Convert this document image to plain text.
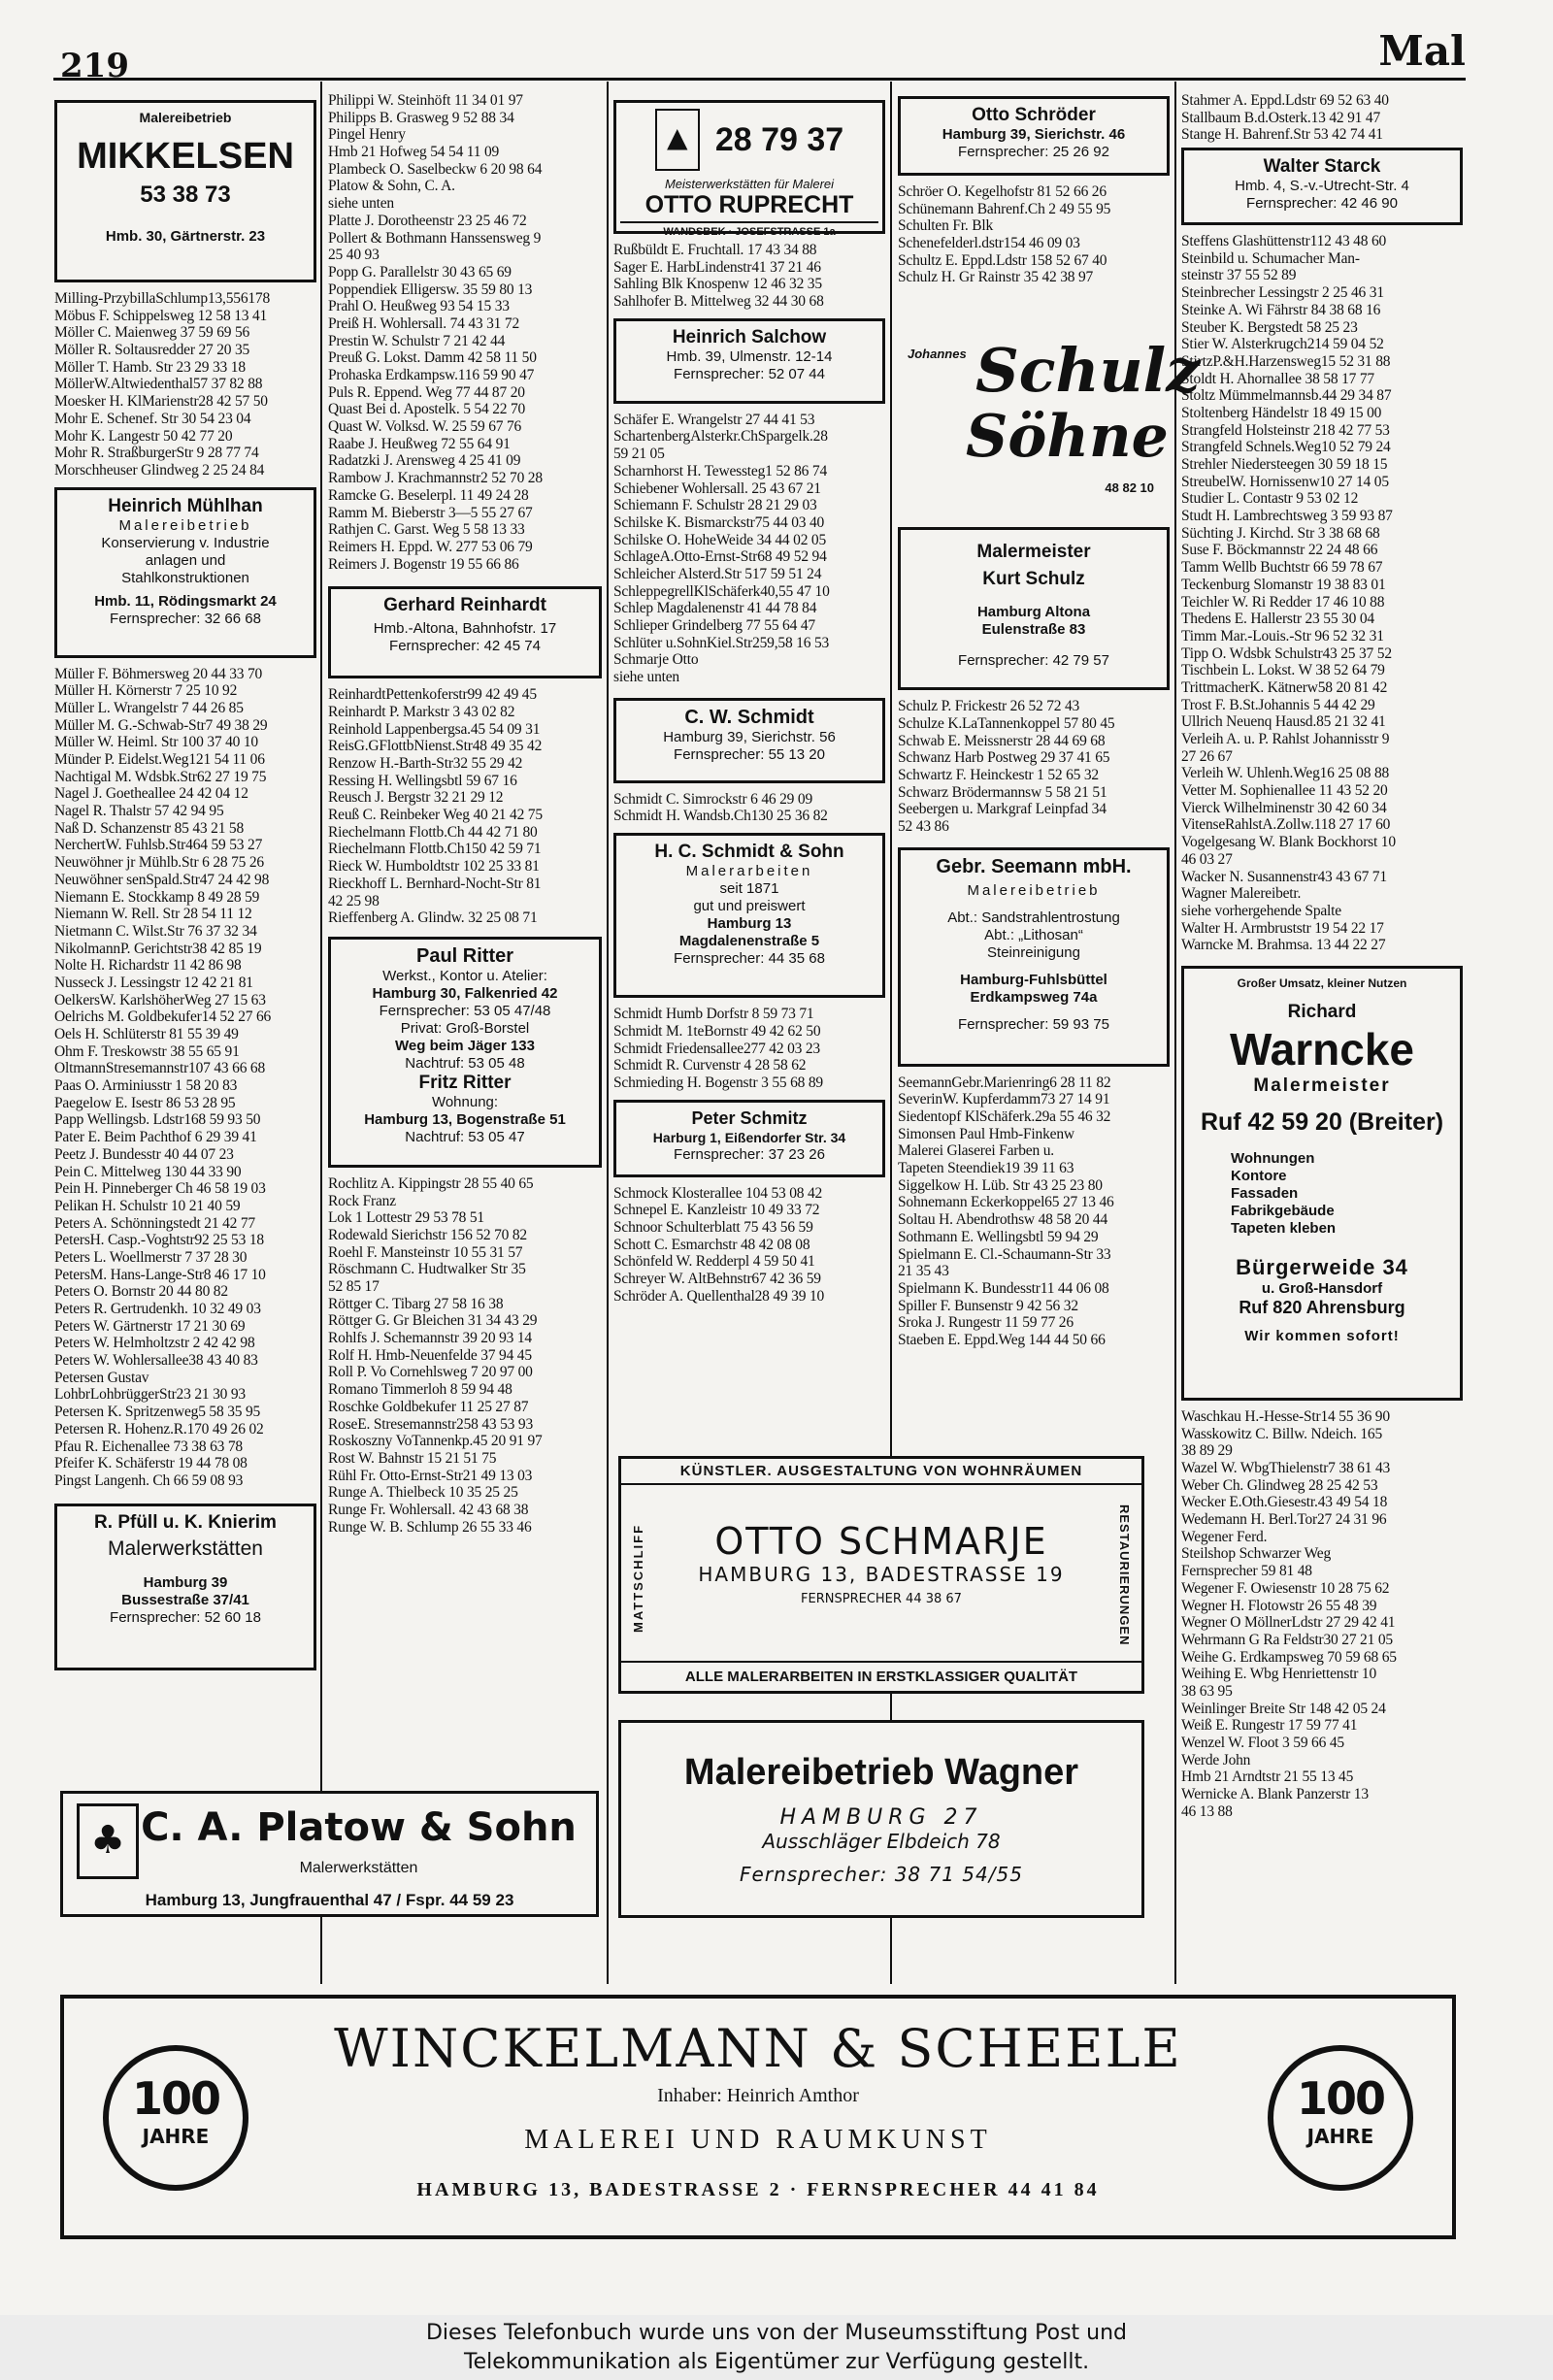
219	Mal
Malereibetrieb
MIKKELSEN
53 38 73
Hmb. 30, Gärtnerstr. 23
Milling-PrzybillaSchlump13,556178
Möbus F. Schippelsweg 12 58 13 41
Möller C. Maienweg 37 59 69 56
Möller R. Soltausredder 27 20 35
Möller T. Hamb. Str 23 29 33 18
MöllerW.Altwiedenthal57 37 82 88
Moesker H. KlMarienstr28 42 57 50
Mohr E. Schenef. Str 30 54 23 04
Mohr K. Langestr 50 42 77 20
Mohr R. StraßburgerStr 9 28 77 74
Morschheuser Glindweg 2 25 24 84
Heinrich Mühlhan
Malereibetrieb
Konservierung v. Industrie
anlagen und
Stahlkonstruktionen
Hmb. 11, Rödingsmarkt 24
Fernsprecher: 32 66 68
Müller F. Böhmersweg 20 44 33 70
Müller H. Körnerstr 7 25 10 92
Müller L. Wrangelstr 7 44 26 85
Müller M. G.-Schwab-Str7 49 38 29
Müller W. Heiml. Str 100 37 40 10
Münder P. Eidelst.Weg121 54 11 06
Nachtigal M. Wdsbk.Str62 27 19 75
Nagel J. Goetheallee 24 42 04 12
Nagel R. Thalstr 57 42 94 95
Naß D. Schanzenstr 85 43 21 58
NerchertW. Fuhlsb.Str464 59 53 27
Neuwöhner jr Mühlb.Str 6 28 75 26
Neuwöhner senSpald.Str47 24 42 98
Niemann E. Stockkamp 8 49 28 59
Niemann W. Rell. Str 28 54 11 12
Nietmann C. Wilst.Str 76 37 32 34
NikolmannP. Gerichtstr38 42 85 19
Nolte H. Richardstr 11 42 86 98
Nusseck J. Lessingstr 12 42 21 81
OelkersW. KarlshöherWeg 27 15 63
Oelrichs M. Goldbekufer14 52 27 66
Oels H. Schlüterstr 81 55 39 49
Ohm F. Treskowstr 38 55 65 91
OltmannStresemannstr107 43 66 68
Paas O. Arminiusstr 1 58 20 83
Paegelow E. Isestr 86 53 28 95
Papp Wellingsb. Ldstr168 59 93 50
Pater E. Beim Pachthof 6 29 39 41
Peetz J. Bundesstr 40 44 07 23
Pein C. Mittelweg 130 44 33 90
Pein H. Pinneberger Ch 46 58 19 03
Pelikan H. Schulstr 10 21 40 59
Peters A. Schönningstedt 21 42 77
PetersH. Casp.-Voghtstr92 25 53 18
Peters L. Woellmerstr 7 37 28 30
PetersM. Hans-Lange-Str8 46 17 10
Peters O. Bornstr 20 44 80 82
Peters R. Gertrudenkh. 10 32 49 03
Peters W. Gärtnerstr 17 21 30 69
Peters W. Helmholtzstr 2 42 42 98
Peters W. Wohlersallee38 43 40 83
Petersen Gustav
LohbrLohbrüggerStr23 21 30 93
Petersen K. Spritzenweg5 58 35 95
Petersen R. Hohenz.R.170 49 26 02
Pfau R. Eichenallee 73 38 63 78
Pfeifer K. Schäferstr 19 44 78 08
Pingst Langenh. Ch 66 59 08 93
R. Pfüll u. K. Knierim
Malerwerkstätten
Hamburg 39
Bussestraße 37/41
Fernsprecher: 52 60 18
Philippi W. Steinhöft 11 34 01 97
Philipps B. Grasweg 9 52 88 34
Pingel Henry
Hmb 21 Hofweg 54 54 11 09
Plambeck O. Saselbeckw 6 20 98 64
Platow & Sohn, C. A.
siehe unten
Platte J. Dorotheenstr 23 25 46 72
Pollert & Bothmann Hanssensweg 9
25 40 93
Popp G. Parallelstr 30 43 65 69
Poppendiek Elligersw. 35 59 80 13
Prahl O. Heußweg 93 54 15 33
Preiß H. Wohlersall. 74 43 31 72
Prestin W. Schulstr 7 21 42 44
Preuß G. Lokst. Damm 42 58 11 50
Prohaska Erdkampsw.116 59 90 47
Puls R. Eppend. Weg 77 44 87 20
Quast Bei d. Apostelk. 5 54 22 70
Quast W. Volksd. W. 25 59 67 76
Raabe J. Heußweg 72 55 64 91
Radatzki J. Arensweg 4 25 41 09
Rambow J. Krachmannstr2 52 70 28
Ramcke G. Beselerpl. 11 49 24 28
Ramm M. Bieberstr 3—5 55 27 67
Rathjen C. Garst. Weg 5 58 13 33
Reimers H. Eppd. W. 277 53 06 79
Reimers J. Bogenstr 19 55 66 86
Gerhard Reinhardt
Hmb.-Altona, Bahnhofstr. 17
Fernsprecher: 42 45 74
ReinhardtPettenkoferstr99 42 49 45
Reinhardt P. Markstr 3 43 02 82
Reinhold Lappenbergsa.45 54 09 31
ReisG.GFlottbNienst.Str48 49 35 42
Renzow H.-Barth-Str32 55 29 42
Ressing H. Wellingsbtl 59 67 16
Reusch J. Bergstr 32 21 29 12
Reuß C. Reinbeker Weg 40 21 42 75
Riechelmann Flottb.Ch 44 42 71 80
Riechelmann Flottb.Ch150 42 59 71
Rieck W. Humboldtstr 102 25 33 81
Rieckhoff L. Bernhard-Nocht-Str 81
42 25 98
Rieffenberg A. Glindw. 32 25 08 71
Paul Ritter
Werkst., Kontor u. Atelier:
Hamburg 30, Falkenried 42
Fernsprecher: 53 05 47/48
Privat: Groß-Borstel
Weg beim Jäger 133
Nachtruf: 53 05 48
Fritz Ritter
Wohnung:
Hamburg 13, Bogenstraße 51
Nachtruf: 53 05 47
Rochlitz A. Kippingstr 28 55 40 65
Rock Franz
Lok 1 Lottestr 29 53 78 51
Rodewald Sierichstr 156 52 70 82
Roehl F. Mansteinstr 10 55 31 57
Röschmann C. Hudtwalker Str 35
52 85 17
Röttger C. Tibarg 27 58 16 38
Röttger G. Gr Bleichen 31 34 43 29
Rohlfs J. Schemannstr 39 20 93 14
Rolf H. Hmb-Neuenfelde 37 94 45
Roll P. Vo Cornehlsweg 7 20 97 00
Romano Timmerloh 8 59 94 48
Roschke Goldbekufer 11 25 27 87
RoseE. Stresemannstr258 43 53 93
Roskoszny VoTannenkp.45 20 91 97
Rost W. Bahnstr 15 21 51 75
Rühl Fr. Otto-Ernst-Str21 49 13 03
Runge A. Thielbeck 10 35 25 25
Runge Fr. Wohlersall. 42 43 68 38
Runge W. B. Schlump 26 55 33 46
▲ 28 79 37
Meisterwerkstätten für Malerei
OTTO RUPRECHT
WANDSBEK · JOSEFSTRASSE 1a
Rußbüldt E. Fruchtall. 17 43 34 88
Sager E. HarbLindenstr41 37 21 46
Sahling Blk Knospenw 12 46 32 35
Sahlhofer B. Mittelweg 32 44 30 68
Heinrich Salchow
Hmb. 39, Ulmenstr. 12-14
Fernsprecher: 52 07 44
Schäfer E. Wrangelstr 27 44 41 53
SchartenbergAlsterkr.ChSpargelk.28
59 21 05
Scharnhorst H. Tewessteg1 52 86 74
Schiebener Wohlersall. 25 43 67 21
Schiemann F. Schulstr 28 21 29 03
Schilske K. Bismarckstr75 44 03 40
Schilske O. HoheWeide 34 44 02 05
SchlageA.Otto-Ernst-Str68 49 52 94
Schleicher Alsterd.Str 517 59 51 24
SchleppegrellKlSchäferk40,55 47 10
Schlep Magdalenenstr 41 44 78 84
Schlieper Grindelberg 77 55 64 47
Schlüter u.SohnKiel.Str259,58 16 53
Schmarje Otto
siehe unten
C. W. Schmidt
Hamburg 39, Sierichstr. 56
Fernsprecher: 55 13 20
Schmidt C. Simrockstr 6 46 29 09
Schmidt H. Wandsb.Ch130 25 36 82
H. C. Schmidt & Sohn
Malerarbeiten
seit 1871
gut und preiswert
Hamburg 13
Magdalenenstraße 5
Fernsprecher: 44 35 68
Schmidt Humb Dorfstr 8 59 73 71
Schmidt M. 1teBornstr 49 42 62 50
Schmidt Friedensallee277 42 03 23
Schmidt R. Curvenstr 4 28 58 62
Schmieding H. Bogenstr 3 55 68 89
Peter Schmitz
Harburg 1, Eißendorfer Str. 34
Fernsprecher: 37 23 26
Schmock Klosterallee 104 53 08 42
Schnepel E. Kanzleistr 10 49 33 72
Schnoor Schulterblatt 75 43 56 59
Schott C. Esmarchstr 48 42 08 08
Schönfeld W. Redderpl 4 59 50 41
Schreyer W. AltBehnstr67 42 36 59
Schröder A. Quellenthal28 49 39 10
Otto Schröder
Hamburg 39, Sierichstr. 46
Fernsprecher: 25 26 92
Schröer O. Kegelhofstr 81 52 66 26
Schünemann Bahrenf.Ch 2 49 55 95
Schulten Fr. Blk
Schenefelderl.dstr154 46 09 03
Schultz E. Eppd.Ldstr 158 52 67 40
Schulz H. Gr Rainstr 35 42 38 97
Johannes Schulz
Söhne
48 82 10
Malermeister
Kurt Schulz
Hamburg Altona
Eulenstraße 83
Fernsprecher: 42 79 57
Schulz P. Frickestr 26 52 72 43
Schulze K.LaTannenkoppel 57 80 45
Schwab E. Meissnerstr 28 44 69 68
Schwanz Harb Postweg 29 37 41 65
Schwartz F. Heinckestr 1 52 65 32
Schwarz Brödermannsw 5 58 21 51
Seebergen u. Markgraf Leinpfad 34
52 43 86
Gebr. Seemann mbH.
Malereibetrieb
Abt.: Sandstrahlentrostung
Abt.: „Lithosan“
Steinreinigung
Hamburg-Fuhlsbüttel
Erdkampsweg 74a
Fernsprecher: 59 93 75
SeemannGebr.Marienring6 28 11 82
SeverinW. Kupferdamm73 27 14 91
Siedentopf KlSchäferk.29a 55 46 32
Simonsen Paul Hmb-Finkenw
Malerei Glaserei Farben u.
Tapeten Steendiek19 39 11 63
Siggelkow H. Lüb. Str 43 25 23 80
Sohnemann Eckerkoppel65 27 13 46
Soltau H. Abendrothsw 48 58 20 44
Sothmann E. Wellingsbtl 59 94 29
Spielmann E. Cl.-Schaumann-Str 33
21 35 43
Spielmann K. Bundesstr11 44 06 08
Spiller F. Bunsenstr 9 42 56 32
Sroka J. Rungestr 11 59 77 26
Staeben E. Eppd.Weg 144 44 50 66
Stahmer A. Eppd.Ldstr 69 52 63 40
Stallbaum B.d.Osterk.13 42 91 47
Stange H. Bahrenf.Str 53 42 74 41
Walter Starck
Hmb. 4, S.-v.-Utrecht-Str. 4
Fernsprecher: 42 46 90
Steffens Glashüttenstr112 43 48 60
Steinbild u. Schumacher Man-
steinstr 37 55 52 89
Steinbrecher Lessingstr 2 25 46 31
Steinke A. Wi Fährstr 84 38 68 16
Steuber K. Bergstedt 58 25 23
Stier W. Alsterkrugch214 59 04 52
StirtzP.&H.Harzensweg15 52 31 88
Stoldt H. Ahornallee 38 58 17 77
Stoltz Mümmelmannsb.44 29 34 87
Stoltenberg Händelstr 18 49 15 00
Strangfeld Holsteinstr 218 42 77 53
Strangfeld Schnels.Weg10 52 79 24
Strehler Niedersteegen 30 59 18 15
StreubelW. Hornissenw10 27 14 05
Studier L. Contastr 9 53 02 12
Studt H. Lambrechtsweg 3 59 93 87
Süchting J. Kirchd. Str 3 38 68 68
Suse F. Böckmannstr 22 24 48 66
Tamm Wellb Buchtstr 66 59 78 67
Teckenburg Slomanstr 19 38 83 01
Teichler W. Ri Redder 17 46 10 88
Thedens E. Hallerstr 23 55 30 04
Timm Mar.-Louis.-Str 96 52 32 31
Tipp O. Wdsbk Schulstr43 25 37 52
Tischbein L. Lokst. W 38 52 64 79
TrittmacherK. Kätnerw58 20 81 42
Trost F. B.St.Johannis 5 44 42 29
Ullrich Neuenq Hausd.85 21 32 41
Verleih A. u. P. Rahlst Johannisstr 9
27 26 67
Verleih W. Uhlenh.Weg16 25 08 88
Vetter M. Sophienallee 11 43 52 20
Vierck Wilhelminenstr 30 42 60 34
VitenseRahlstA.Zollw.118 27 17 60
Vogelgesang W. Blank Bockhorst 10
46 03 27
Wacker N. Susannenstr43 43 67 71
Wagner Malereibetr.
siehe vorhergehende Spalte
Walter H. Armbruststr 19 54 22 17
Warncke M. Brahmsa. 13 44 22 27
Großer Umsatz, kleiner Nutzen
Richard
Warncke
Malermeister
Ruf 42 59 20 (Breiter)
Wohnungen
Kontore
Fassaden
Fabrikgebäude
Tapeten kleben
Bürgerweide 34
u. Groß-Hansdorf
Ruf 820 Ahrensburg
Wir kommen sofort!
Waschkau H.-Hesse-Str14 55 36 90
Wasskowitz C. Billw. Ndeich. 165
38 89 29
Wazel W. WbgThielenstr7 38 61 43
Weber Ch. Glindweg 28 25 42 53
Wecker E.Oth.Giesestr.43 49 54 18
Wedemann H. Berl.Tor27 24 31 96
Wegener Ferd.
Steilshop Schwarzer Weg
Fernsprecher 59 81 48
Wegener F. Owiesenstr 10 28 75 62
Wegner H. Flotowstr 26 55 48 39
Wegner O MöllnerLdstr 27 29 42 41
Wehrmann G Ra Feldstr30 27 21 05
Weihe G. Erdkampsweg 70 59 68 65
Weihing E. Wbg Henriettenstr 10
38 63 95
Weinlinger Breite Str 148 42 05 24
Weiß E. Rungestr 17 59 77 41
Wenzel W. Floot 3 59 66 45
Werde John
Hmb 21 Arndtstr 21 55 13 45
Wernicke A. Blank Panzerstr 13
46 13 88
♣ C. A. Platow & Sohn
Malerwerkstätten
Hamburg 13, Jungfrauenthal 47 / Fspr. 44 59 23
KÜNSTLER. AUSGESTALTUNG VON WOHNRÄUMEN
MATTSCHLIFF	RESTAURIERUNGEN
OTTO SCHMARJE
HAMBURG 13, BADESTRASSE 19
FERNSPRECHER 44 38 67
ALLE MALERARBEITEN IN ERSTKLASSIGER QUALITÄT
Malereibetrieb Wagner
HAMBURG 27
Ausschläger Elbdeich 78
Fernsprecher: 38 71 54/55
100
JAHRE
100
JAHRE
WINCKELMANN & SCHEELE
Inhaber: Heinrich Amthor
MALEREI UND RAUMKUNST
HAMBURG 13, BADESTRASSE 2 · FERNSPRECHER 44 41 84
Dieses Telefonbuch wurde uns von der Museumsstiftung Post und
Telekommunikation als Eigentümer zur Verfügung gestellt.
